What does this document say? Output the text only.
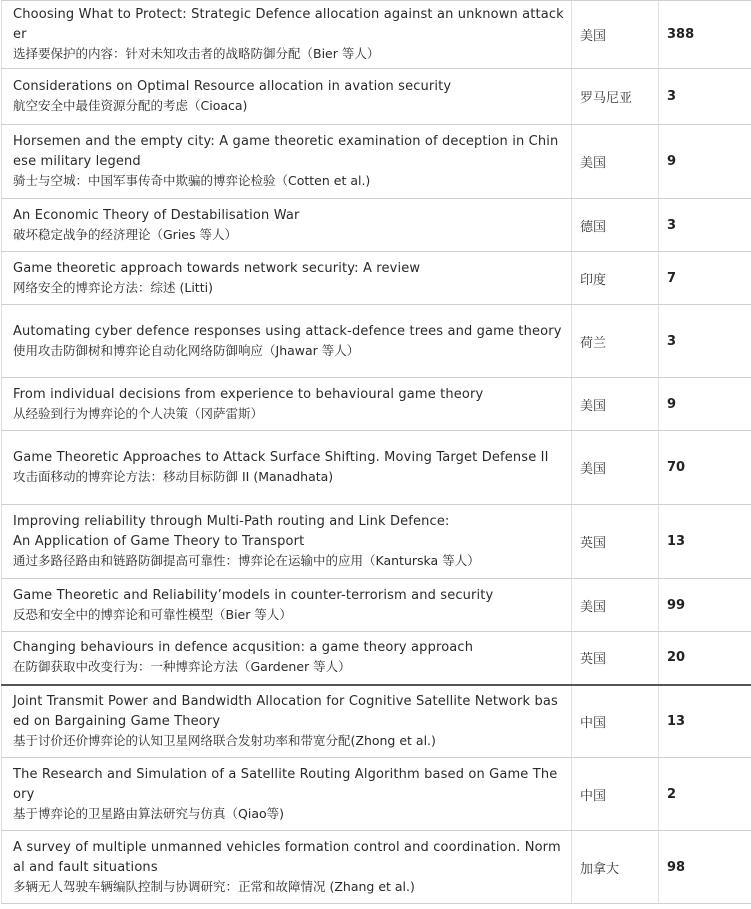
Choosing What to Protect: Strategic Defence allocation against an unknown attacker
选择要保护的内容：针对未知攻击者的战略防御分配（Bier 等人）	美国	388

Considerations on Optimal Resource allocation in avation security
航空安全中最佳资源分配的考虑（Cioaca)	罗马尼亚	3

Horsemen and the empty city: A game theoretic examination of deception in Chinese military legend
骑士与空城：中国军事传奇中欺骗的博弈论检验（Cotten et al.)	美国	9

An Economic Theory of Destabilisation War
破坏稳定战争的经济理论（Gries 等人）	德国	3

Game theoretic approach towards network security: A review
网络安全的博弈论方法：综述 (Litti)	印度	7

Automating cyber defence responses using attack-defence trees and game theory
使用攻击防御树和博弈论自动化网络防御响应（Jhawar 等人）	荷兰	3

From individual decisions from experience to behavioural game theory
从经验到行为博弈论的个人决策（冈萨雷斯）	美国	9

Game Theoretic Approaches to Attack Surface Shifting. Moving Target Defense II
攻击面移动的博弈论方法：移动目标防御 II (Manadhata)	美国	70

Improving reliability through Multi-Path routing and Link Defence:
An Application of Game Theory to Transport
通过多路径路由和链路防御提高可靠性：博弈论在运输中的应用（Kanturska 等人）	英国	13

Game Theoretic and Reliability’models in counter-terrorism and security
反恐和安全中的博弈论和可靠性模型（Bier 等人）	美国	99

Changing behaviours in defence acqusition: a game theory approach
在防御获取中改变行为：一种博弈论方法（Gardener 等人）	英国	20

Joint Transmit Power and Bandwidth Allocation for Cognitive Satellite Network based on Bargaining Game Theory
基于讨价还价博弈论的认知卫星网络联合发射功率和带宽分配(Zhong et al.)	中国	13

The Research and Simulation of a Satellite Routing Algorithm based on Game Theory
基于博弈论的卫星路由算法研究与仿真（Qiao等)	中国	2

A survey of multiple unmanned vehicles formation control and coordination. Normal and fault situations
多辆无人驾驶车辆编队控制与协调研究：正常和故障情况 (Zhang et al.)	加拿大	98
